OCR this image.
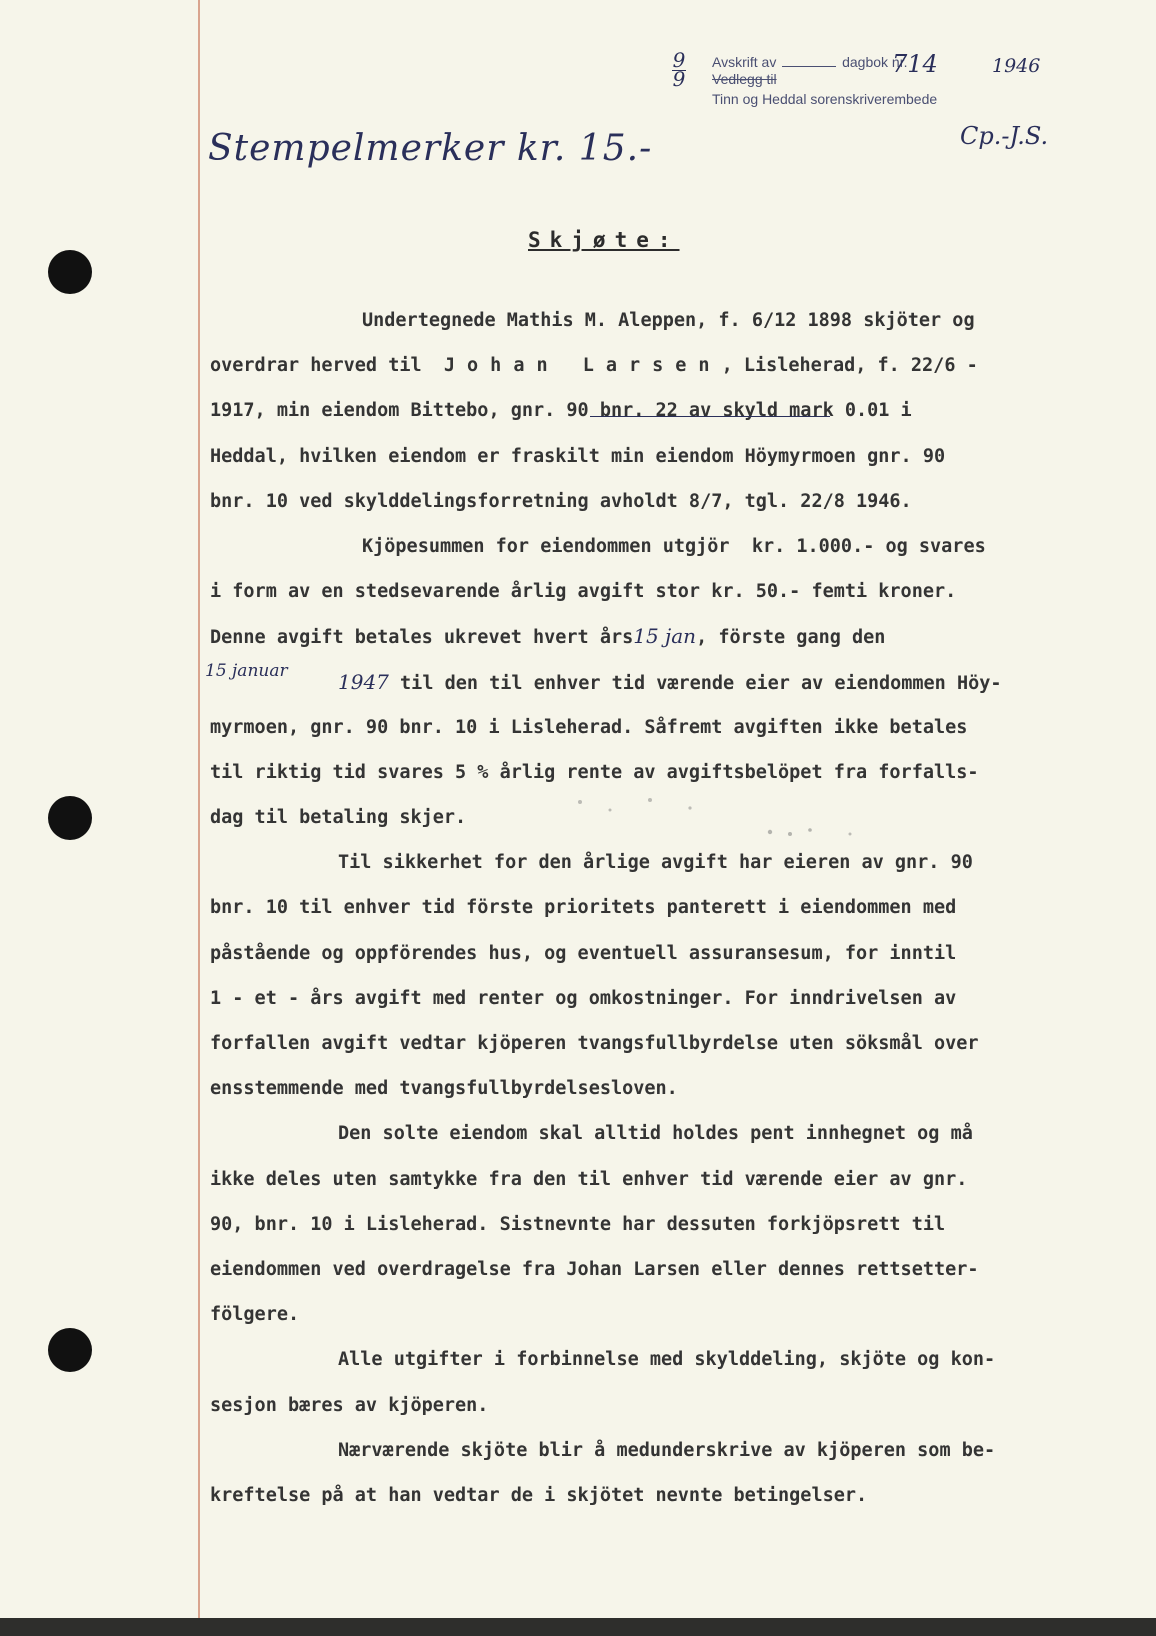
9
9
Avskrift av	dagbok nr.
Vedlegg til
Tinn og Heddal sorenskriverembede
714	1946
Cp.-J.S.
Stempelmerker kr. 15.-
Skjøte:
15 januar
Undertegnede Mathis M. Aleppen, f. 6/12 1898 skjöter og
overdrar herved til Johan Larsen, Lisleherad, f. 22/6 -
1917, min eiendom Bittebo, gnr. 90 bnr. 22 av skyld mark 0.01 i
Heddal, hvilken eiendom er fraskilt min eiendom Höymyrmoen gnr. 90
bnr. 10 ved skylddelingsforretning avholdt 8/7, tgl. 22/8 1946.
Kjöpesummen for eiendommen utgjör  kr. 1.000.- og svares
i form av en stedsevarende årlig avgift stor kr. 50.- femti kroner.
Denne avgift betales ukrevet hvert års15 jan, förste gang den
1947 til den til enhver tid værende eier av eiendommen Höy-
myrmoen, gnr. 90 bnr. 10 i Lisleherad. Såfremt avgiften ikke betales
til riktig tid svares 5 % årlig rente av avgiftsbelöpet fra forfalls-
dag til betaling skjer.
Til sikkerhet for den årlige avgift har eieren av gnr. 90
bnr. 10 til enhver tid förste prioritets panterett i eiendommen med
påstående og oppförendes hus, og eventuell assuransesum, for inntil
1 - et - års avgift med renter og omkostninger. For inndrivelsen av
forfallen avgift vedtar kjöperen tvangsfullbyrdelse uten söksmål over
ensstemmende med tvangsfullbyrdelsesloven.
Den solte eiendom skal alltid holdes pent innhegnet og må
ikke deles uten samtykke fra den til enhver tid værende eier av gnr.
90, bnr. 10 i Lisleherad. Sistnevnte har dessuten forkjöpsrett til
eiendommen ved overdragelse fra Johan Larsen eller dennes rettsetter-
fölgere.
Alle utgifter i forbinnelse med skylddeling, skjöte og kon-
sesjon bæres av kjöperen.
Nærværende skjöte blir å medunderskrive av kjöperen som be-
kreftelse på at han vedtar de i skjötet nevnte betingelser.
